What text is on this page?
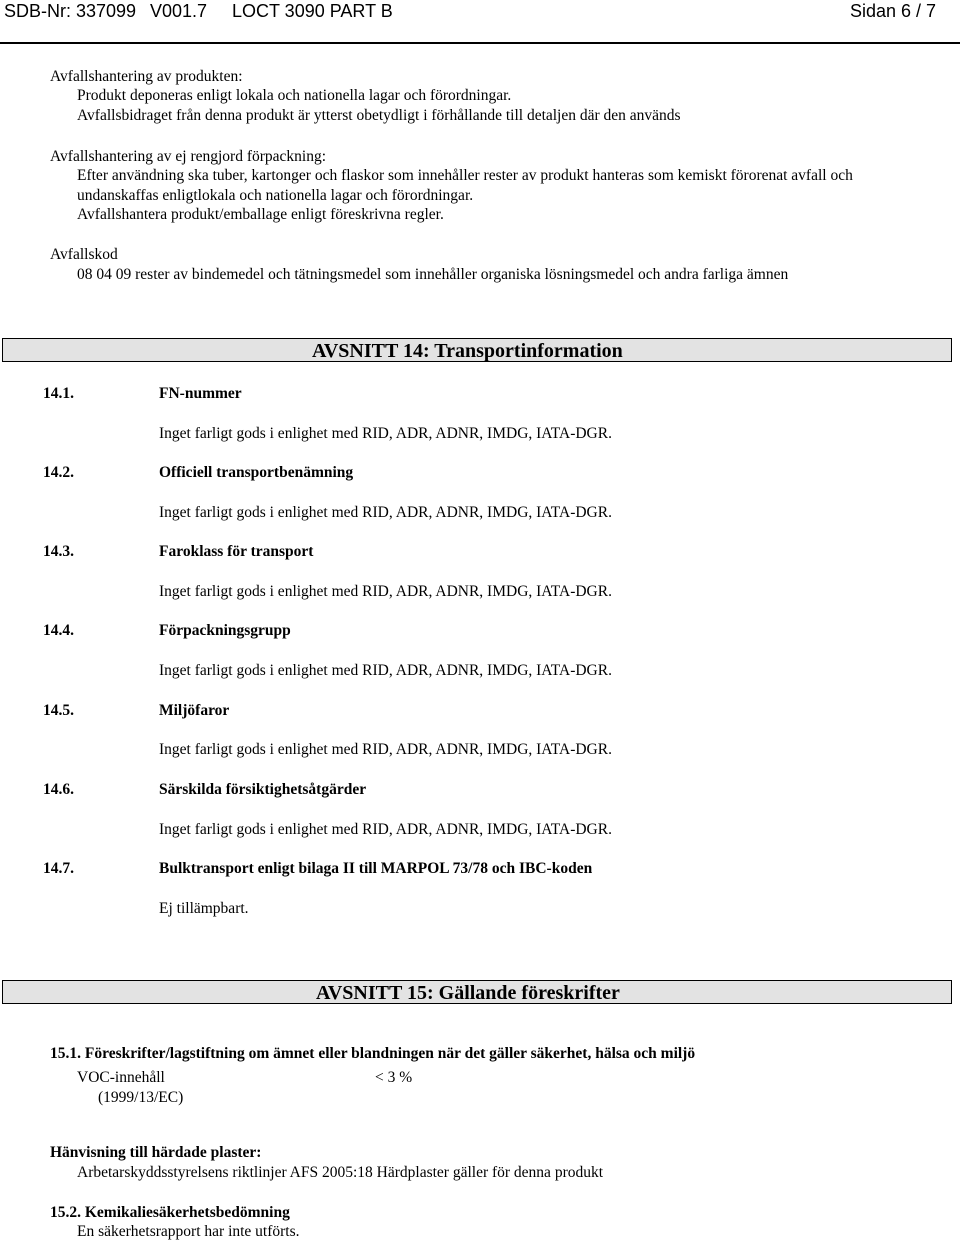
SDB-Nr: 337099 V001.7 LOCT 3090 PART B	Sidan 6 / 7
Avfallshantering av produkten:
Produkt deponeras enligt lokala och nationella lagar och förordningar.
Avfallsbidraget från denna produkt är ytterst obetydligt i förhållande till detaljen där den används
Avfallshantering av ej rengjord förpackning:
Efter användning ska tuber, kartonger och flaskor som innehåller rester av produkt hanteras som kemiskt förorenat avfall och
undanskaffas enligtlokala och nationella lagar och förordningar.
Avfallshantera produkt/emballage enligt föreskrivna regler.
Avfallskod
08 04 09 rester av bindemedel och tätningsmedel som innehåller organiska lösningsmedel och andra farliga ämnen
AVSNITT 14: Transportinformation
14.1.	FN-nummer
Inget farligt gods i enlighet med RID, ADR, ADNR, IMDG, IATA-DGR.
14.2.	Officiell transportbenämning
Inget farligt gods i enlighet med RID, ADR, ADNR, IMDG, IATA-DGR.
14.3.	Faroklass för transport
Inget farligt gods i enlighet med RID, ADR, ADNR, IMDG, IATA-DGR.
14.4.	Förpackningsgrupp
Inget farligt gods i enlighet med RID, ADR, ADNR, IMDG, IATA-DGR.
14.5.	Miljöfaror
Inget farligt gods i enlighet med RID, ADR, ADNR, IMDG, IATA-DGR.
14.6.	Särskilda försiktighetsåtgärder
Inget farligt gods i enlighet med RID, ADR, ADNR, IMDG, IATA-DGR.
14.7.	Bulktransport enligt bilaga II till MARPOL 73/78 och IBC-koden
Ej tillämpbart.
AVSNITT 15: Gällande föreskrifter
15.1. Föreskrifter/lagstiftning om ämnet eller blandningen när det gäller säkerhet, hälsa och miljö
VOC-innehåll	< 3 %
(1999/13/EC)
Hänvisning till härdade plaster:
Arbetarskyddsstyrelsens riktlinjer AFS 2005:18 Härdplaster gäller för denna produkt
15.2. Kemikaliesäkerhetsbedömning
En säkerhetsrapport har inte utförts.
